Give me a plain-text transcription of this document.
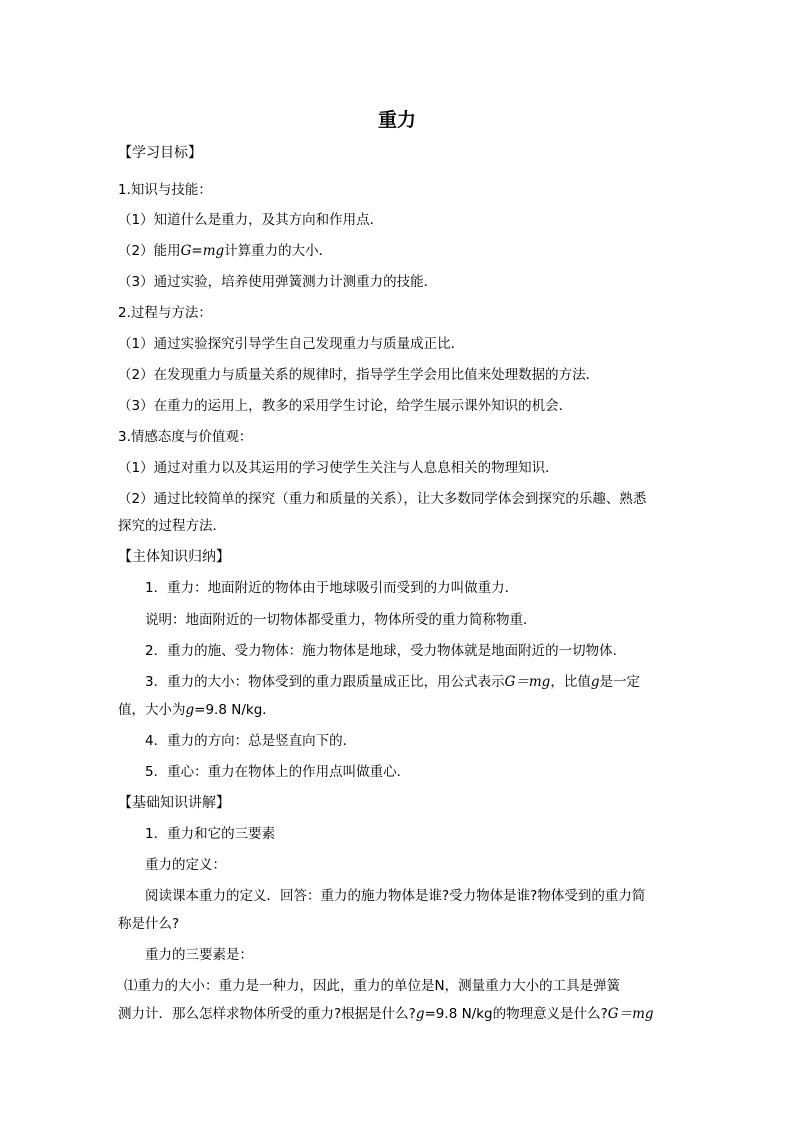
重力
【学习目标】
1.知识与技能：
（1）知道什么是重力，及其方向和作用点．
（2）能用G=mg计算重力的大小．
（3）通过实验，培养使用弹簧测力计测重力的技能．
2.过程与方法：
（1）通过实验探究引导学生自己发现重力与质量成正比．
（2）在发现重力与质量关系的规律时，指导学生学会用比值来处理数据的方法．
（3）在重力的运用上，教多的采用学生讨论，给学生展示课外知识的机会．
3.情感态度与价值观：
（1）通过对重力以及其运用的学习使学生关注与人息息相关的物理知识．
（2）通过比较简单的探究（重力和质量的关系），让大多数同学体会到探究的乐趣、熟悉
探究的过程方法．
【主体知识归纳】
1．重力：地面附近的物体由于地球吸引而受到的力叫做重力．
说明：地面附近的一切物体都受重力，物体所受的重力简称物重．
2．重力的施、受力物体：施力物体是地球，受力物体就是地面附近的一切物体．
3．重力的大小：物体受到的重力跟质量成正比，用公式表示G＝mg，比值g是一定
值，大小为g=9.8 N/kg．
4．重力的方向：总是竖直向下的．
5．重心：重力在物体上的作用点叫做重心．
【基础知识讲解】
1．重力和它的三要素
重力的定义：
阅读课本重力的定义．回答：重力的施力物体是谁?受力物体是谁?物体受到的重力简
称是什么?
重力的三要素是：
⑴重力的大小：重力是一种力，因此，重力的单位是N，测量重力大小的工具是弹簧
测力计．那么怎样求物体所受的重力?根据是什么?g=9.8 N/kg的物理意义是什么?G＝mg
